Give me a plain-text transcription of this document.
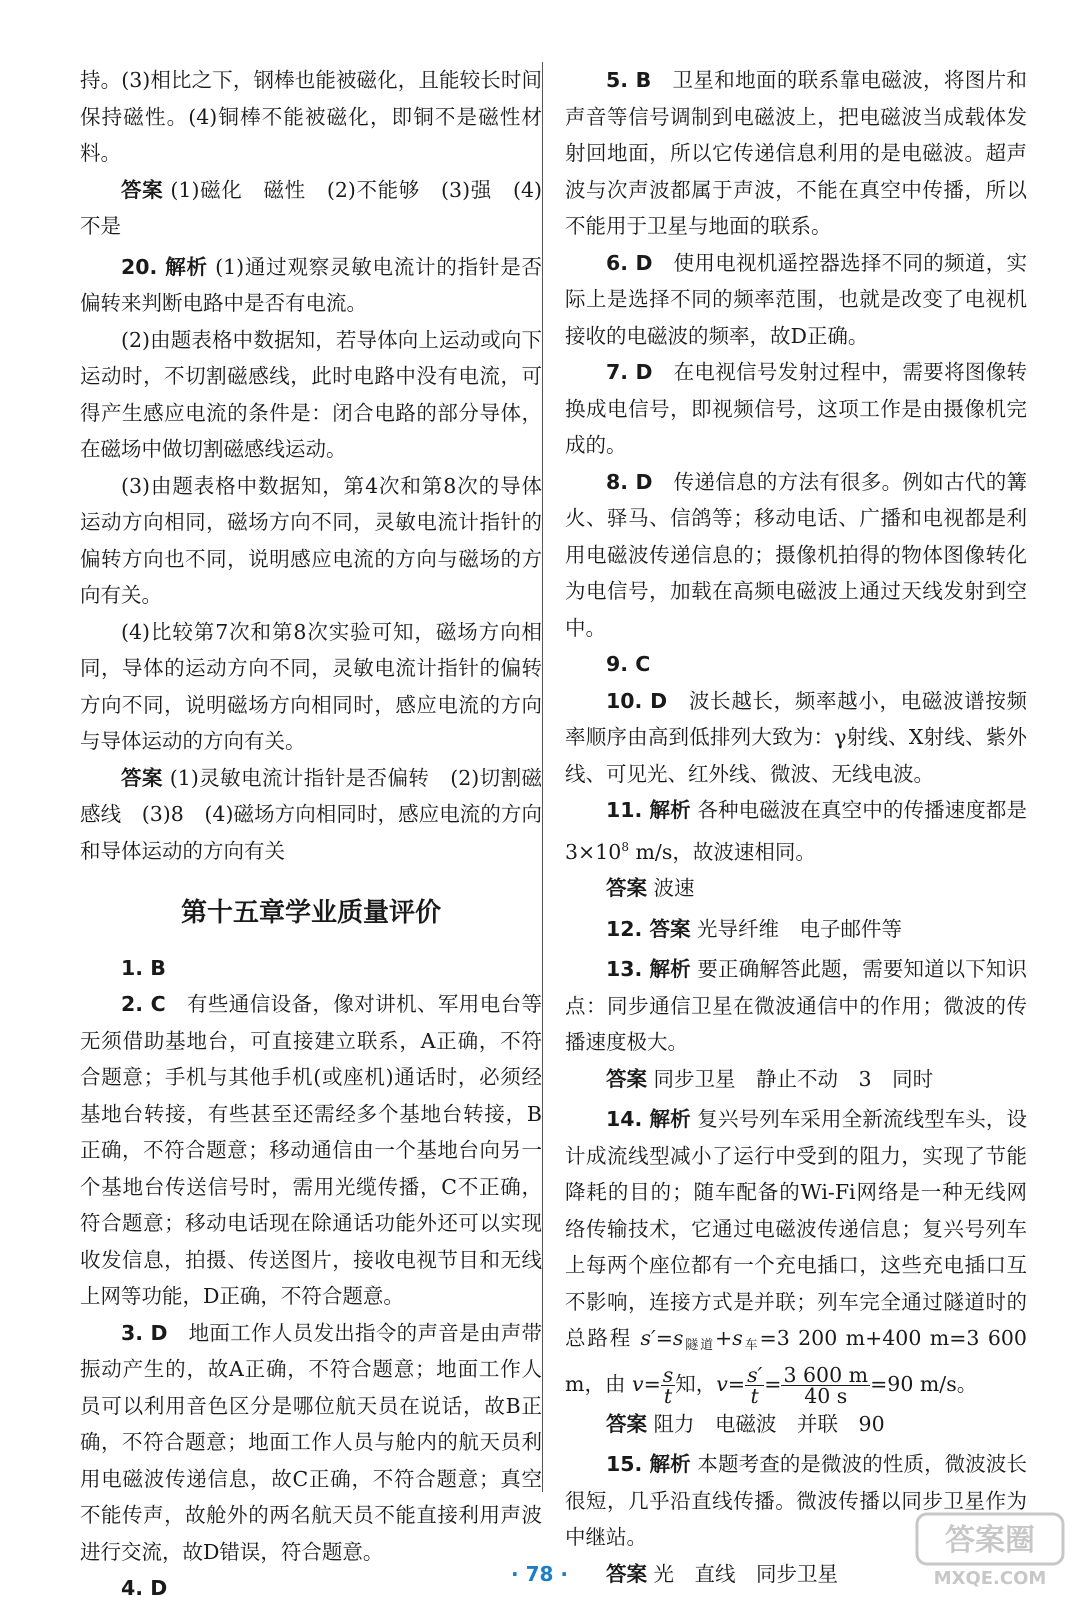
持。(3)相比之下，钢棒也能被磁化，且能较长时间保持磁性。(4)铜棒不能被磁化，即铜不是磁性材料。

答案 (1)磁化　磁性　(2)不能够　(3)强　(4)不是

20. 解析 (1)通过观察灵敏电流计的指针是否偏转来判断电路中是否有电流。

(2)由题表格中数据知，若导体向上运动或向下运动时，不切割磁感线，此时电路中没有电流，可得产生感应电流的条件是：闭合电路的部分导体，在磁场中做切割磁感线运动。

(3)由题表格中数据知，第4次和第8次的导体运动方向相同，磁场方向不同，灵敏电流计指针的偏转方向也不同，说明感应电流的方向与磁场的方向有关。

(4)比较第7次和第8次实验可知，磁场方向相同，导体的运动方向不同，灵敏电流计指针的偏转方向不同，说明磁场方向相同时，感应电流的方向与导体运动的方向有关。

答案 (1)灵敏电流计指针是否偏转　(2)切割磁感线　(3)8　(4)磁场方向相同时，感应电流的方向和导体运动的方向有关

第十五章学业质量评价

1. B

2. C　 有些通信设备，像对讲机、军用电台等无须借助基地台，可直接建立联系，A正确，不符合题意；手机与其他手机(或座机)通话时，必须经基地台转接，有些甚至还需经多个基地台转接，B正确，不符合题意；移动通信由一个基地台向另一个基地台传送信号时，需用光缆传播，C不正确，符合题意；移动电话现在除通话功能外还可以实现收发信息，拍摄、传送图片，接收电视节目和无线上网等功能，D正确，不符合题意。

3. D　 地面工作人员发出指令的声音是由声带振动产生的，故A正确，不符合题意；地面工作人员可以利用音色区分是哪位航天员在说话，故B正确，不符合题意；地面工作人员与舱内的航天员利用电磁波传递信息，故C正确，不符合题意；真空不能传声，故舱外的两名航天员不能直接利用声波进行交流，故D错误，符合题意。

4. D

5. B　 卫星和地面的联系靠电磁波，将图片和声音等信号调制到电磁波上，把电磁波当成载体发射回地面，所以它传递信息利用的是电磁波。超声波与次声波都属于声波，不能在真空中传播，所以不能用于卫星与地面的联系。

6. D　 使用电视机遥控器选择不同的频道，实际上是选择不同的频率范围，也就是改变了电视机接收的电磁波的频率，故D正确。

7. D　 在电视信号发射过程中，需要将图像转换成电信号，即视频信号，这项工作是由摄像机完成的。

8. D　 传递信息的方法有很多。例如古代的篝火、驿马、信鸽等；移动电话、广播和电视都是利用电磁波传递信息的；摄像机拍得的物体图像转化为电信号，加载在高频电磁波上通过天线发射到空中。

9. C

10. D　 波长越长，频率越小，电磁波谱按频率顺序由高到低排列大致为：γ射线、X射线、紫外线、可见光、红外线、微波、无线电波。

11. 解析 各种电磁波在真空中的传播速度都是 $3\times 10^8$ m/s，故波速相同。

答案 波速

12. 答案 光导纤维　电子邮件等

13. 解析 要正确解答此题，需要知道以下知识点：同步通信卫星在微波通信中的作用；微波的传播速度极大。

答案 同步卫星　静止不动　3　同时

14. 解析 复兴号列车采用全新流线型车头，设计成流线型减小了运行中受到的阻力，实现了节能降耗的目的；随车配备的Wi-Fi网络是一种无线网络传输技术，它通过电磁波传递信息；复兴号列车上每两个座位都有一个充电插口，这些充电插口互不影响，连接方式是并联；列车完全通过隧道时的总路程 $s'=s_{隧道}+s_车=3$ 200 m+400 m=3 600 m，由 $v= \frac{s}{t}$ 知，$v= \frac{s'}{t} = \frac{3 600 m}{40 s} =90$ m/s。

答案 阻力　电磁波　并联　90

15. 解析 本题考查的是微波的性质，微波波长很短，几乎沿直线传播。微波传播以同步卫星作为中继站。

答案 光　直线　同步卫星

· 78 ·
答案圈
MXQE.COM
